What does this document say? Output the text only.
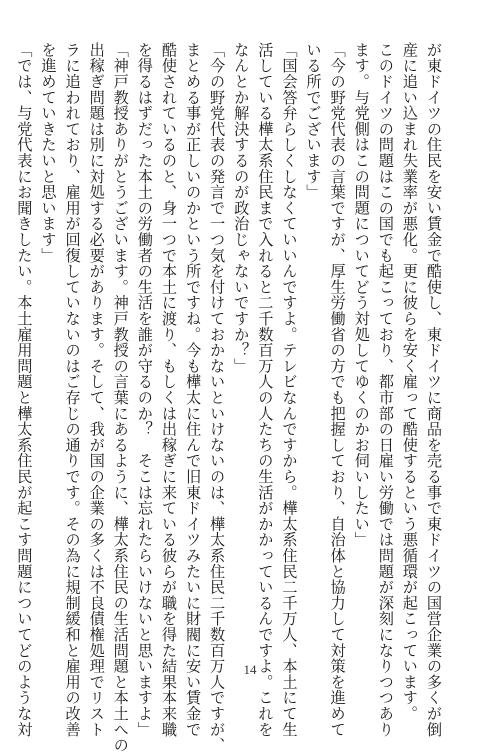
が東ドイツの住民を安い賃金で酷使し、東ドイツに商品を売る事で東ドイツの国営企業の多くが倒
産に追い込まれ失業率が悪化。更に彼らを安く雇って酷使するという悪循環が起こっています。
このドイツの問題はこの国でも起こっており、都市部の日雇い労働では問題が深刻になりつつあり
ます。与党側はこの問題についてどう対処してゆくのかお伺いしたい」
「今の野党代表の言葉ですが、厚生労働省の方でも把握しており、自治体と協力して対策を進めて
いる所でございます」
「国会答弁らしくしなくていいんですよ。テレビなんですから。樺太系住民二千万人、本土にて生
活している樺太系住民まで入れると二千数百万人の人たちの生活がかかっているんですよ。これを
なんとか解決するのが政治じゃないですか？」
「今の野党代表の発言で一つ気を付けておかないといけないのは、樺太系住民二千数百万人ですが、
まとめる事が正しいのかという所ですね。今も樺太に住んで旧東ドイツみたいに財閥に安い賃金で
酷使されているのと、身一つで本土に渡り、もしくは出稼ぎに来ている彼らが職を得た結果本来職
を得るはずだった本土の労働者の生活を誰が守るのか？　そこは忘れたらいけないと思いますよ」
「神戸教授ありがとうございます。神戸教授の言葉にあるように、樺太系住民の生活問題と本土への
出稼ぎ問題は別に対処する必要があります。そして、我が国の企業の多くは不良債権処理でリスト
ラに追われており、雇用が回復していないのはご存じの通りです。その為に規制緩和と雇用の改善
を進めていきたいと思います」
「では、与党代表にお聞きしたい。本土雇用問題と樺太系住民が起こす問題についてどのような対	14
